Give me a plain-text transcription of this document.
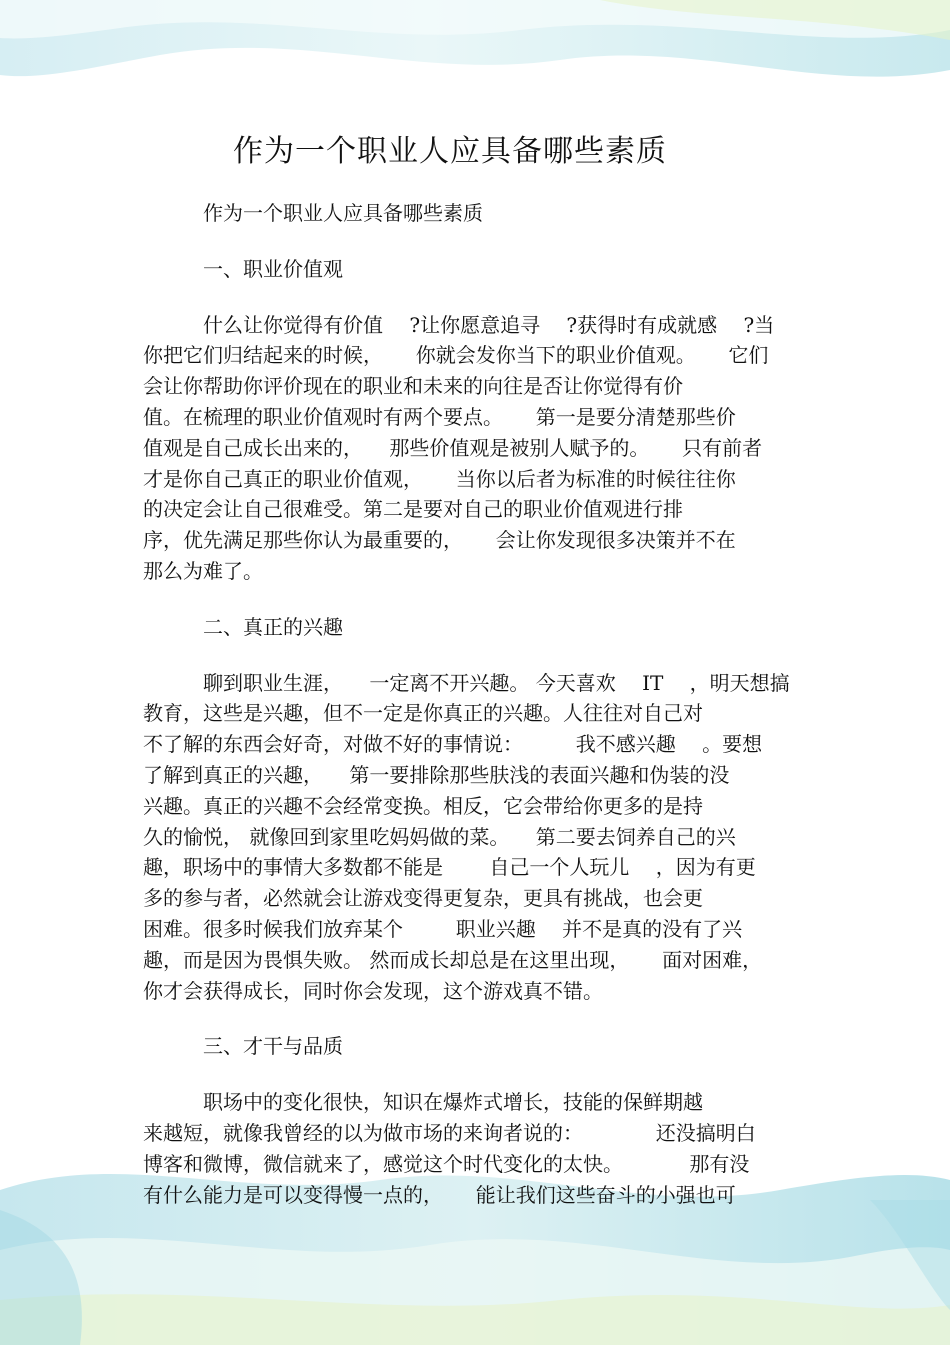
作为一个职业人应具备哪些素质
作为一个职业人应具备哪些素质
一、职业价值观

什么让你觉得有价值 　?让你愿意追寻 　?获得时有成就感 　?当

你把它们归结起来的时候， 　 你就会发你当下的职业价值观。 　 它们

会让你帮助你评价现在的职业和未来的向往是否让你觉得有价

值。在梳理的职业价值观时有两个要点。 　 第一是要分清楚那些价

值观是自己成长出来的， 　那些价值观是被别人赋予的。 　 只有前者

才是你自己真正的职业价值观， 　 当你以后者为标准的时候往往你

的决定会让自己很难受。第二是要对自己的职业价值观进行排

序，优先满足那些你认为最重要的， 　 会让你发现很多决策并不在

那么为难了。

二、真正的兴趣

聊到职业生涯， 　一定离不开兴趣。 今天喜欢 　IT 　，明天想搞

教育，这些是兴趣，但不一定是你真正的兴趣。人往往对自己对

不了解的东西会好奇，对做不好的事情说： 　　 我不感兴趣 　。要想

了解到真正的兴趣， 　第一要排除那些肤浅的表面兴趣和伪装的没

兴趣。真正的兴趣不会经常变换。相反，它会带给你更多的是持

久的愉悦， 就像回到家里吃妈妈做的菜。 　第二要去饲养自己的兴

趣，职场中的事情大多数都不能是 　　自己一个人玩儿 　，因为有更

多的参与者，必然就会让游戏变得更复杂，更具有挑战，也会更

困难。很多时候我们放弃某个 　　 职业兴趣 　并不是真的没有了兴

趣，而是因为畏惧失败。 然而成长却总是在这里出现， 　 面对困难，

你才会获得成长，同时你会发现，这个游戏真不错。

三、才干与品质

职场中的变化很快，知识在爆炸式增长，技能的保鲜期越

来越短，就像我曾经的以为做市场的来询者说的： 　　　 还没搞明白

博客和微博，微信就来了，感觉这个时代变化的太快。 　　　那有没

有什么能力是可以变得慢一点的， 　 能让我们这些奋斗的小强也可
